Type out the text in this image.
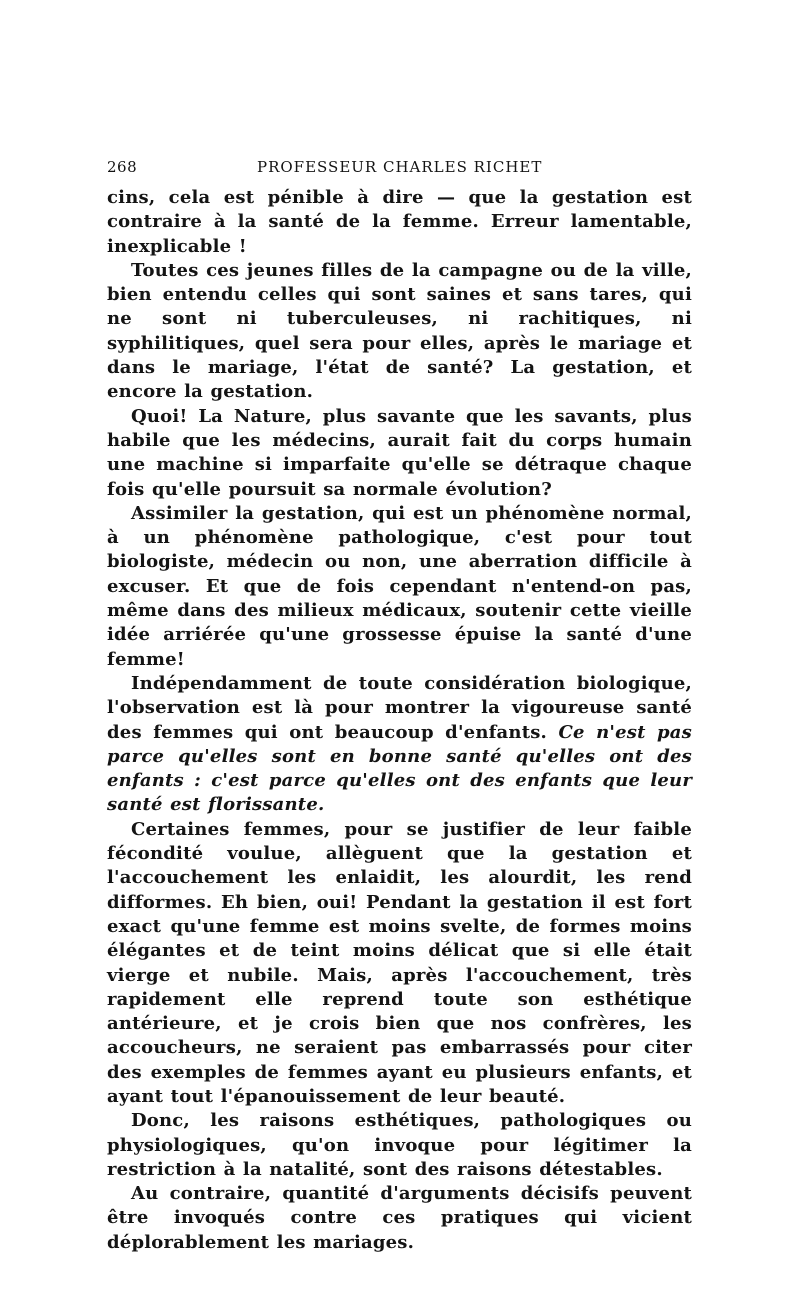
268	PROFESSEUR CHARLES RICHET

cins, cela est pénible à dire — que la gestation est contraire à la santé de la femme. Erreur lamentable, inexplicable !

Toutes ces jeunes filles de la campagne ou de la ville, bien entendu celles qui sont saines et sans tares, qui ne sont ni tuberculeuses, ni rachitiques, ni syphilitiques, quel sera pour elles, après le mariage et dans le mariage, l'état de santé? La gestation, et encore la gestation.

Quoi! La Nature, plus savante que les savants, plus habile que les médecins, aurait fait du corps humain une machine si imparfaite qu'elle se détraque chaque fois qu'elle poursuit sa normale évolution?

Assimiler la gestation, qui est un phénomène normal, à un phénomène pathologique, c'est pour tout biologiste, médecin ou non, une aberration difficile à excuser. Et que de fois cependant n'entend-on pas, même dans des milieux médicaux, soutenir cette vieille idée arriérée qu'une grossesse épuise la santé d'une femme!

Indépendamment de toute considération biologique, l'observation est là pour montrer la vigoureuse santé des femmes qui ont beaucoup d'enfants. Ce n'est pas parce qu'elles sont en bonne santé qu'elles ont des enfants : c'est parce qu'elles ont des enfants que leur santé est florissante.

Certaines femmes, pour se justifier de leur faible fécondité voulue, allèguent que la gestation et l'accouchement les enlaidit, les alourdit, les rend difformes. Eh bien, oui! Pendant la gestation il est fort exact qu'une femme est moins svelte, de formes moins élégantes et de teint moins délicat que si elle était vierge et nubile. Mais, après l'accouchement, très rapidement elle reprend toute son esthétique antérieure, et je crois bien que nos confrères, les accoucheurs, ne seraient pas embarrassés pour citer des exemples de femmes ayant eu plusieurs enfants, et ayant tout l'épanouissement de leur beauté.

Donc, les raisons esthétiques, pathologiques ou physiologiques, qu'on invoque pour légitimer la restriction à la natalité, sont des raisons détestables.

Au contraire, quantité d'arguments décisifs peuvent être invoqués contre ces pratiques qui vicient déplorablement les mariages.
